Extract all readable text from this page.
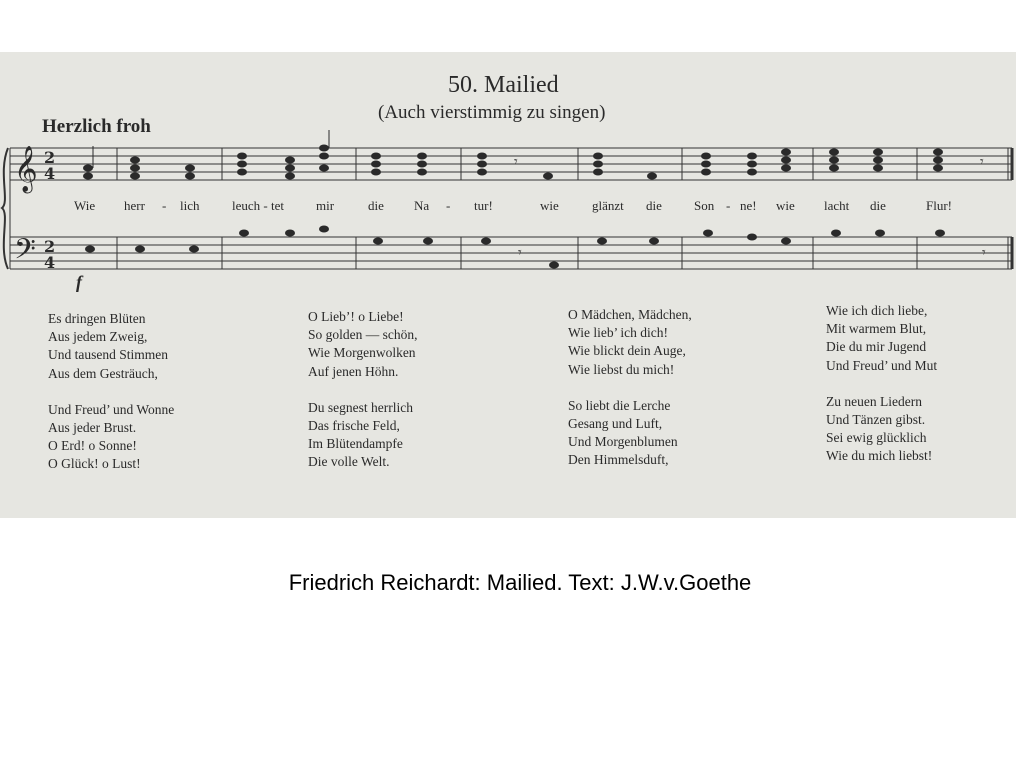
50. Mailied
(Auch vierstimmig zu singen)
Herzlich froh
𝄞
𝄢
2
4
2
4
𝄾	𝄾
𝄾	𝄾
Wie herr - lich	leuch - tet mir	die Na - tur!	wie	glänzt die Son - ne! wie lacht die	Flur!
f
Es dringen Blüten
Aus jedem Zweig,
Und tausend Stimmen
Aus dem Gesträuch,
Und Freud’ und Wonne
Aus jeder Brust.
O Erd! o Sonne!
O Glück! o Lust!
O Lieb’! o Liebe!
So golden — schön,
Wie Morgenwolken
Auf jenen Höhn.
Du segnest herrlich
Das frische Feld,
Im Blütendampfe
Die volle Welt.
O Mädchen, Mädchen,
Wie lieb’ ich dich!
Wie blickt dein Auge,
Wie liebst du mich!
So liebt die Lerche
Gesang und Luft,
Und Morgenblumen
Den Himmelsduft,
Wie ich dich liebe,
Mit warmem Blut,
Die du mir Jugend
Und Freud’ und Mut
Zu neuen Liedern
Und Tänzen gibst.
Sei ewig glücklich
Wie du mich liebst!
Friedrich Reichardt: Mailied. Text: J.W.v.Goethe
